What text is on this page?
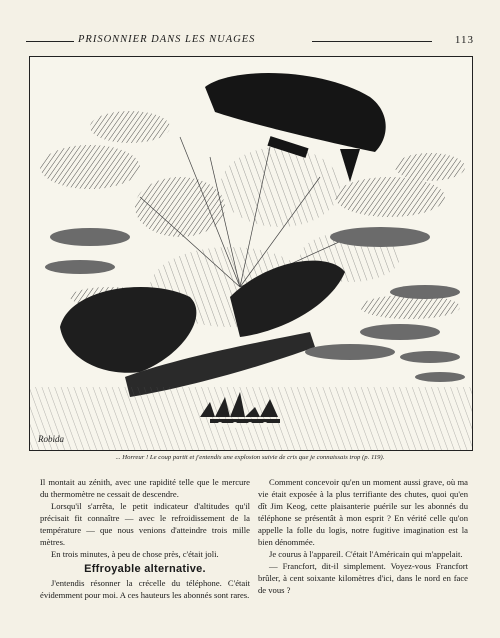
PRISONNIER DANS LES NUAGES	113
Robida
... Horreur ! Le coup partit et j'entendis une explosion suivie de cris que je connaissais trop (p. 119).

Il montait au zénith, avec une rapidité telle que le mercure du thermomètre ne cessait de descendre.

Lorsqu'il s'arrêta, le petit indicateur d'altitudes qu'il précisait fit connaître — avec le refroidissement de la température — que nous venions d'atteindre trois mille mètres.

En trois minutes, à peu de chose près, c'était joli.

Effroyable alternative.

J'entendis résonner la crécelle du téléphone. C'était évidemment pour moi. A ces hauteurs les abonnés sont rares.

Comment concevoir qu'en un moment aussi grave, où ma vie était exposée à la plus terrifiante des chutes, quoi qu'en dît Jim Keog, cette plaisanterie puérile sur les abonnés du téléphone se présentât à mon esprit ? En vérité celle qu'on appelle la folle du logis, notre fugitive imagination est la bien dénommée.

Je courus à l'appareil. C'était l'Américain qui m'appelait.

— Francfort, dit-il simplement. Voyez-vous Francfort brûler, à cent soixante kilomètres d'ici, dans le nord en face de vous ?
